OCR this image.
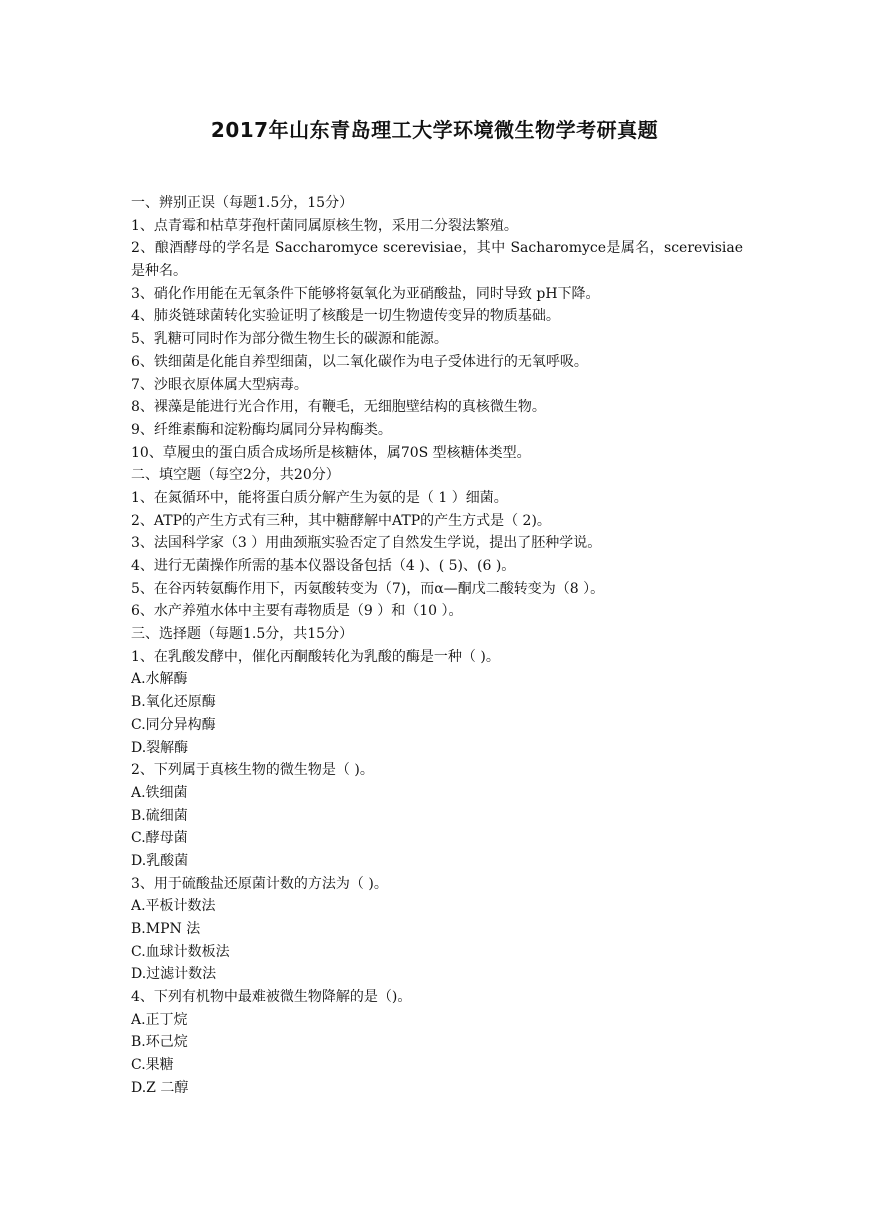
2017年山东青岛理工大学环境微生物学考研真题
一、辨别正误（每题1.5分，15分）
1、点青霉和枯草芽孢杆菌同属原核生物，采用二分裂法繁殖。
2、酿酒酵母的学名是 Saccharomyce scerevisiae，其中 Sacharomyce是属名，scerevisiae是种名。
3、硝化作用能在无氧条件下能够将氨氧化为亚硝酸盐，同时导致 pH下降。
4、肺炎链球菌转化实验证明了核酸是一切生物遗传变异的物质基础。
5、乳糖可同时作为部分微生物生长的碳源和能源。
6、铁细菌是化能自养型细菌，以二氧化碳作为电子受体进行的无氧呼吸。
7、沙眼衣原体属大型病毒。
8、裸藻是能进行光合作用，有鞭毛，无细胞壁结构的真核微生物。
9、纤维素酶和淀粉酶均属同分异构酶类。
10、草履虫的蛋白质合成场所是核糖体，属70S 型核糖体类型。
二、填空题（每空2分，共20分）
1、在氮循环中，能将蛋白质分解产生为氨的是（ 1 ）细菌。
2、ATP的产生方式有三种，其中糖酵解中ATP的产生方式是（ 2)。
3、法国科学家（3 ）用曲颈瓶实验否定了自然发生学说，提出了胚种学说。
4、进行无菌操作所需的基本仪器设备包括（4 )、( 5)、(6 )。
5、在谷丙转氨酶作用下，丙氨酸转变为（7)，而α—酮戊二酸转变为（8 ）。
6、水产养殖水体中主要有毒物质是（9 ）和（10 ）。
三、选择题（每题1.5分，共15分）
1、在乳酸发酵中，催化丙酮酸转化为乳酸的酶是一种（ )。
A.水解酶
B.氧化还原酶
C.同分异构酶
D.裂解酶
2、下列属于真核生物的微生物是（ )。
A.铁细菌
B.硫细菌
C.酵母菌
D.乳酸菌
3、用于硫酸盐还原菌计数的方法为（ )。
A.平板计数法
B.MPN 法
C.血球计数板法
D.过滤计数法
4、下列有机物中最难被微生物降解的是（)。
A.正丁烷
B.环己烷
C.果糖
D.Z 二醇
